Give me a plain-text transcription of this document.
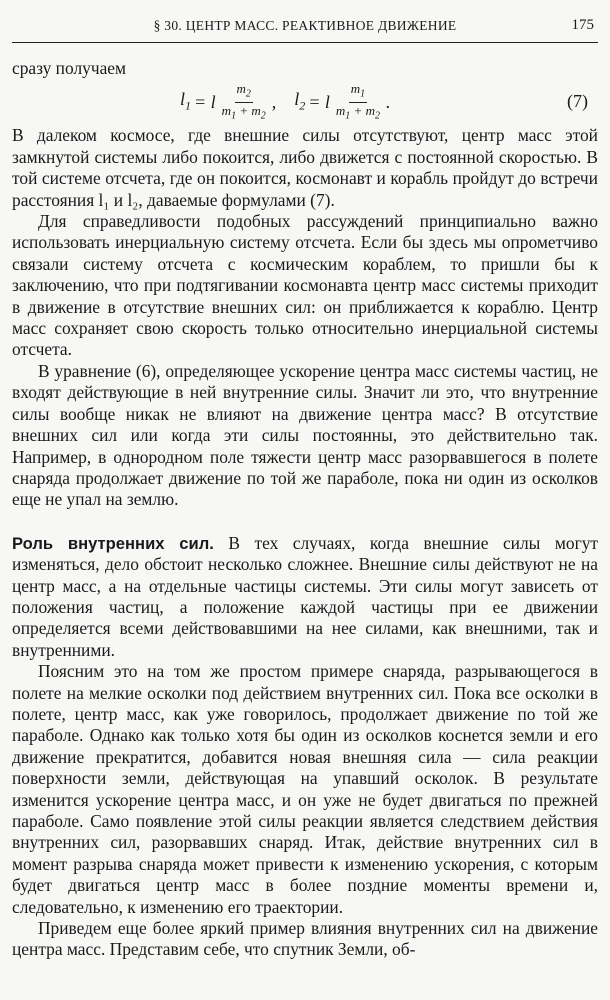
§ 30. ЦЕНТР МАСС. РЕАКТИВНОЕ ДВИЖЕНИЕ	175

сразу получаем

$l_1 = l \frac{m_2}{m_1 + m_2}$ , $l_2 = l \frac{m_1}{m_1 + m_2}$ .	(7)

В далеком космосе, где внешние силы отсутствуют, центр масс этой замкнутой системы либо покоится, либо движется с постоянной скоростью. В той системе отсчета, где он покоится, космонавт и корабль пройдут до встречи расстояния l₁ и l₂, даваемые формулами (7).

Для справедливости подобных рассуждений принципиально важно использовать инерциальную систему отсчета. Если бы здесь мы опрометчиво связали систему отсчета с космическим кораблем, то пришли бы к заключению, что при подтягивании космонавта центр масс системы приходит в движение в отсутствие внешних сил: он приближается к кораблю. Центр масс сохраняет свою скорость только относительно инерциальной системы отсчета.

В уравнение (6), определяющее ускорение центра масс системы частиц, не входят действующие в ней внутренние силы. Значит ли это, что внутренние силы вообще никак не влияют на движение центра масс? В отсутствие внешних сил или когда эти силы постоянны, это действительно так. Например, в однородном поле тяжести центр масс разорвавшегося в полете снаряда продолжает движение по той же параболе, пока ни один из осколков еще не упал на землю.

Роль внутренних сил. В тех случаях, когда внешние силы могут изменяться, дело обстоит несколько сложнее. Внешние силы действуют не на центр масс, а на отдельные частицы системы. Эти силы могут зависеть от положения частиц, а положение каждой частицы при ее движении определяется всеми действовавшими на нее силами, как внешними, так и внутренними.

Поясним это на том же простом примере снаряда, разрывающегося в полете на мелкие осколки под действием внутренних сил. Пока все осколки в полете, центр масс, как уже говорилось, продолжает движение по той же параболе. Однако как только хотя бы один из осколков коснется земли и его движение прекратится, добавится новая внешняя сила — сила реакции поверхности земли, действующая на упавший осколок. В результате изменится ускорение центра масс, и он уже не будет двигаться по прежней параболе. Само появление этой силы реакции является следствием действия внутренних сил, разорвавших снаряд. Итак, действие внутренних сил в момент разрыва снаряда может привести к изменению ускорения, с которым будет двигаться центр масс в более поздние моменты времени и, следовательно, к изменению его траектории.

Приведем еще более яркий пример влияния внутренних сил на движение центра масс. Представим себе, что спутник Земли, об-
